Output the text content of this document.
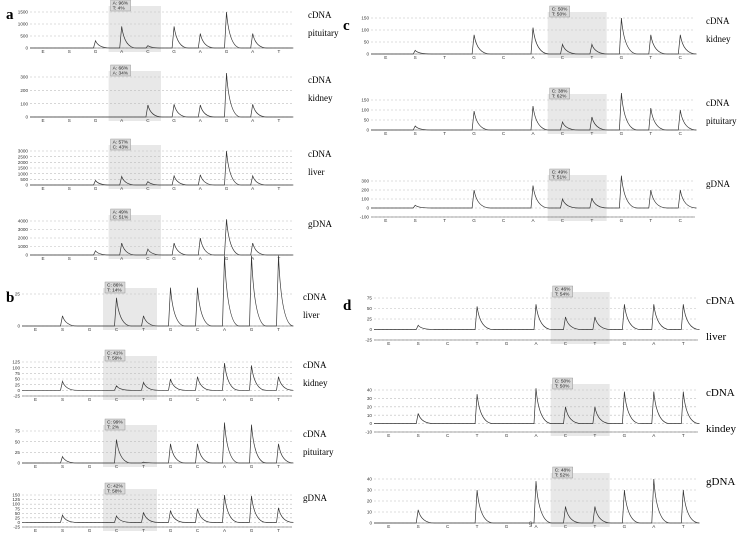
a
b
c
d
§
0
500
1000
1500
E	S	G	A	C	G	A	G	A	T
A: 96%
T: 4%
cDNA
pituitary
0
100
200
300
E	S	G	A	C	G	A	G	A	T
A: 66%
A: 34%
cDNA
kidney
0
500
1000
1500
2000
2500
3000
E	S	G	A	C	G	A	G	A	T
A: 57%
C: 43%
cDNA
liver
0
1000
2000
3000
4000
E	S	G	A	C	G	A	G	A	T
A: 49%
C: 51%
gDNA
0
25
E	S	G	C	T	G	C	A	G	T
C: 86%
T: 14%
cDNA
liver
-25
0
25
50
75
100
125
E	S	G	C	T	G	C	A	G	T
C: 41%
T: 59%
cDNA
kidney
0
25
50
75
E	S	G	C	T	G	C	A	G	T
C: 99%
T: 2%
cDNA
pituitary
-25
0
25
50
75
100
125
150
E	S	G	C	T	G	C	A	G	T
C: 42%
T: 58%
gDNA
0
50
100
150
E	S	T	G	C	A	C	T	G	T	C
C: 50%
T: 50%
cDNA
kidney
0
50
100
150
E	S	T	G	C	A	C	T	G	T	C
C: 38%
T: 62%
cDNA
pituitary
-100
0
100
200
300
E	S	T	G	C	A	C	T	G	T	C
C: 49%
T: 51%
gDNA
-25
0
25
50
75
E	S	C	T	G	A	C	T	G	A	T
C: 46%
T: 54%	cDNA
liver
-10
0
10
20
30
40
E	S	C	T	G	A	C	T	G	A	T
C: 50%
T: 50%	cDNA
kindey
0
10
20
30
40
E	S	C	T	G	A	C	T	G	A	T
C: 48%
T: 52%	gDNA
